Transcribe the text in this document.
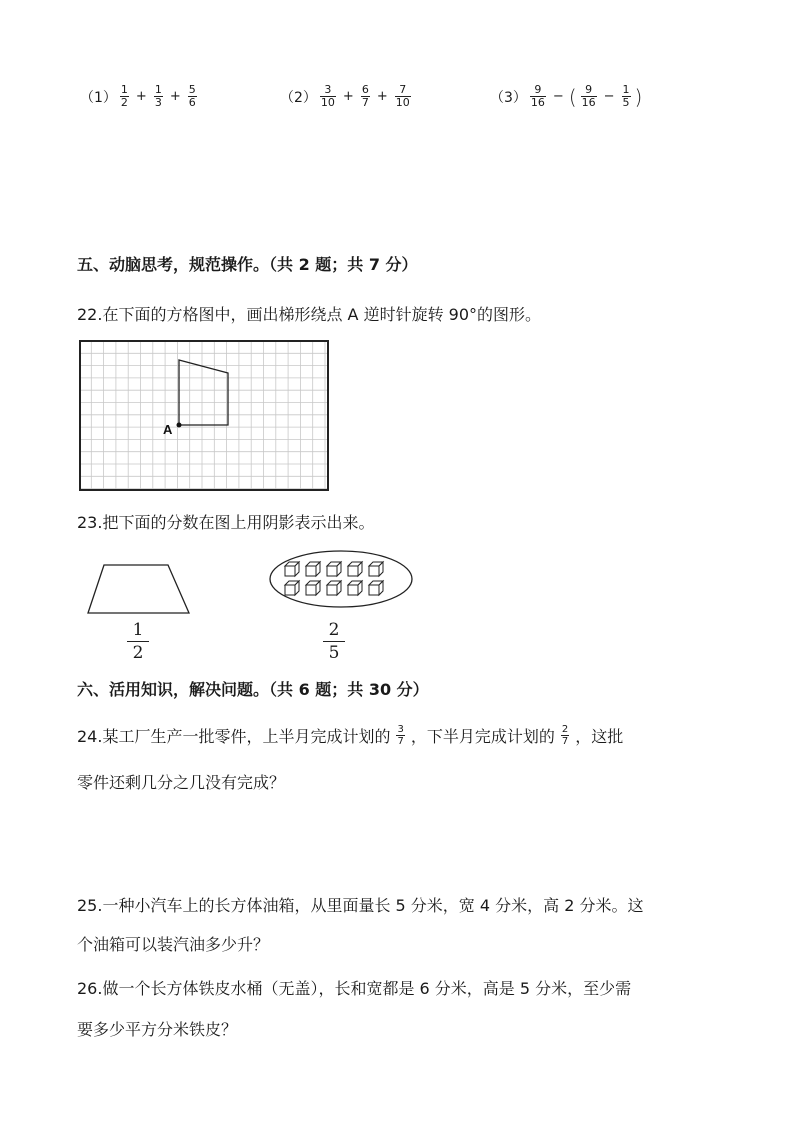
$(1) \frac{1}{2} + \frac{1}{3} + \frac{5}{6}$	$(2) \frac{3}{10} + \frac{6}{7} + \frac{7}{10}$	$(3) \frac{9}{16}$ − ( $\frac{9}{16} - \frac{1}{5}$ )
五、动脑思考，规范操作。（共 2 题；共 7 分）
22.在下面的方格图中，画出梯形绕点 A 逆时针旋转 90°的图形。
A
23.把下面的分数在图上用阴影表示出来。
1
2
2
5
六、活用知识，解决问题。（共 6 题；共 30 分）
24.某工厂生产一批零件，上半月完成计划的 $\frac{3}{7}$ ，下半月完成计划的 $\frac{2}{7}$ ，这批
零件还剩几分之几没有完成？
25.一种小汽车上的长方体油箱，从里面量长 5 分米，宽 4 分米，高 2 分米。这
个油箱可以装汽油多少升？
26.做一个长方体铁皮水桶（无盖），长和宽都是 6 分米，高是 5 分米，至少需
要多少平方分米铁皮？
